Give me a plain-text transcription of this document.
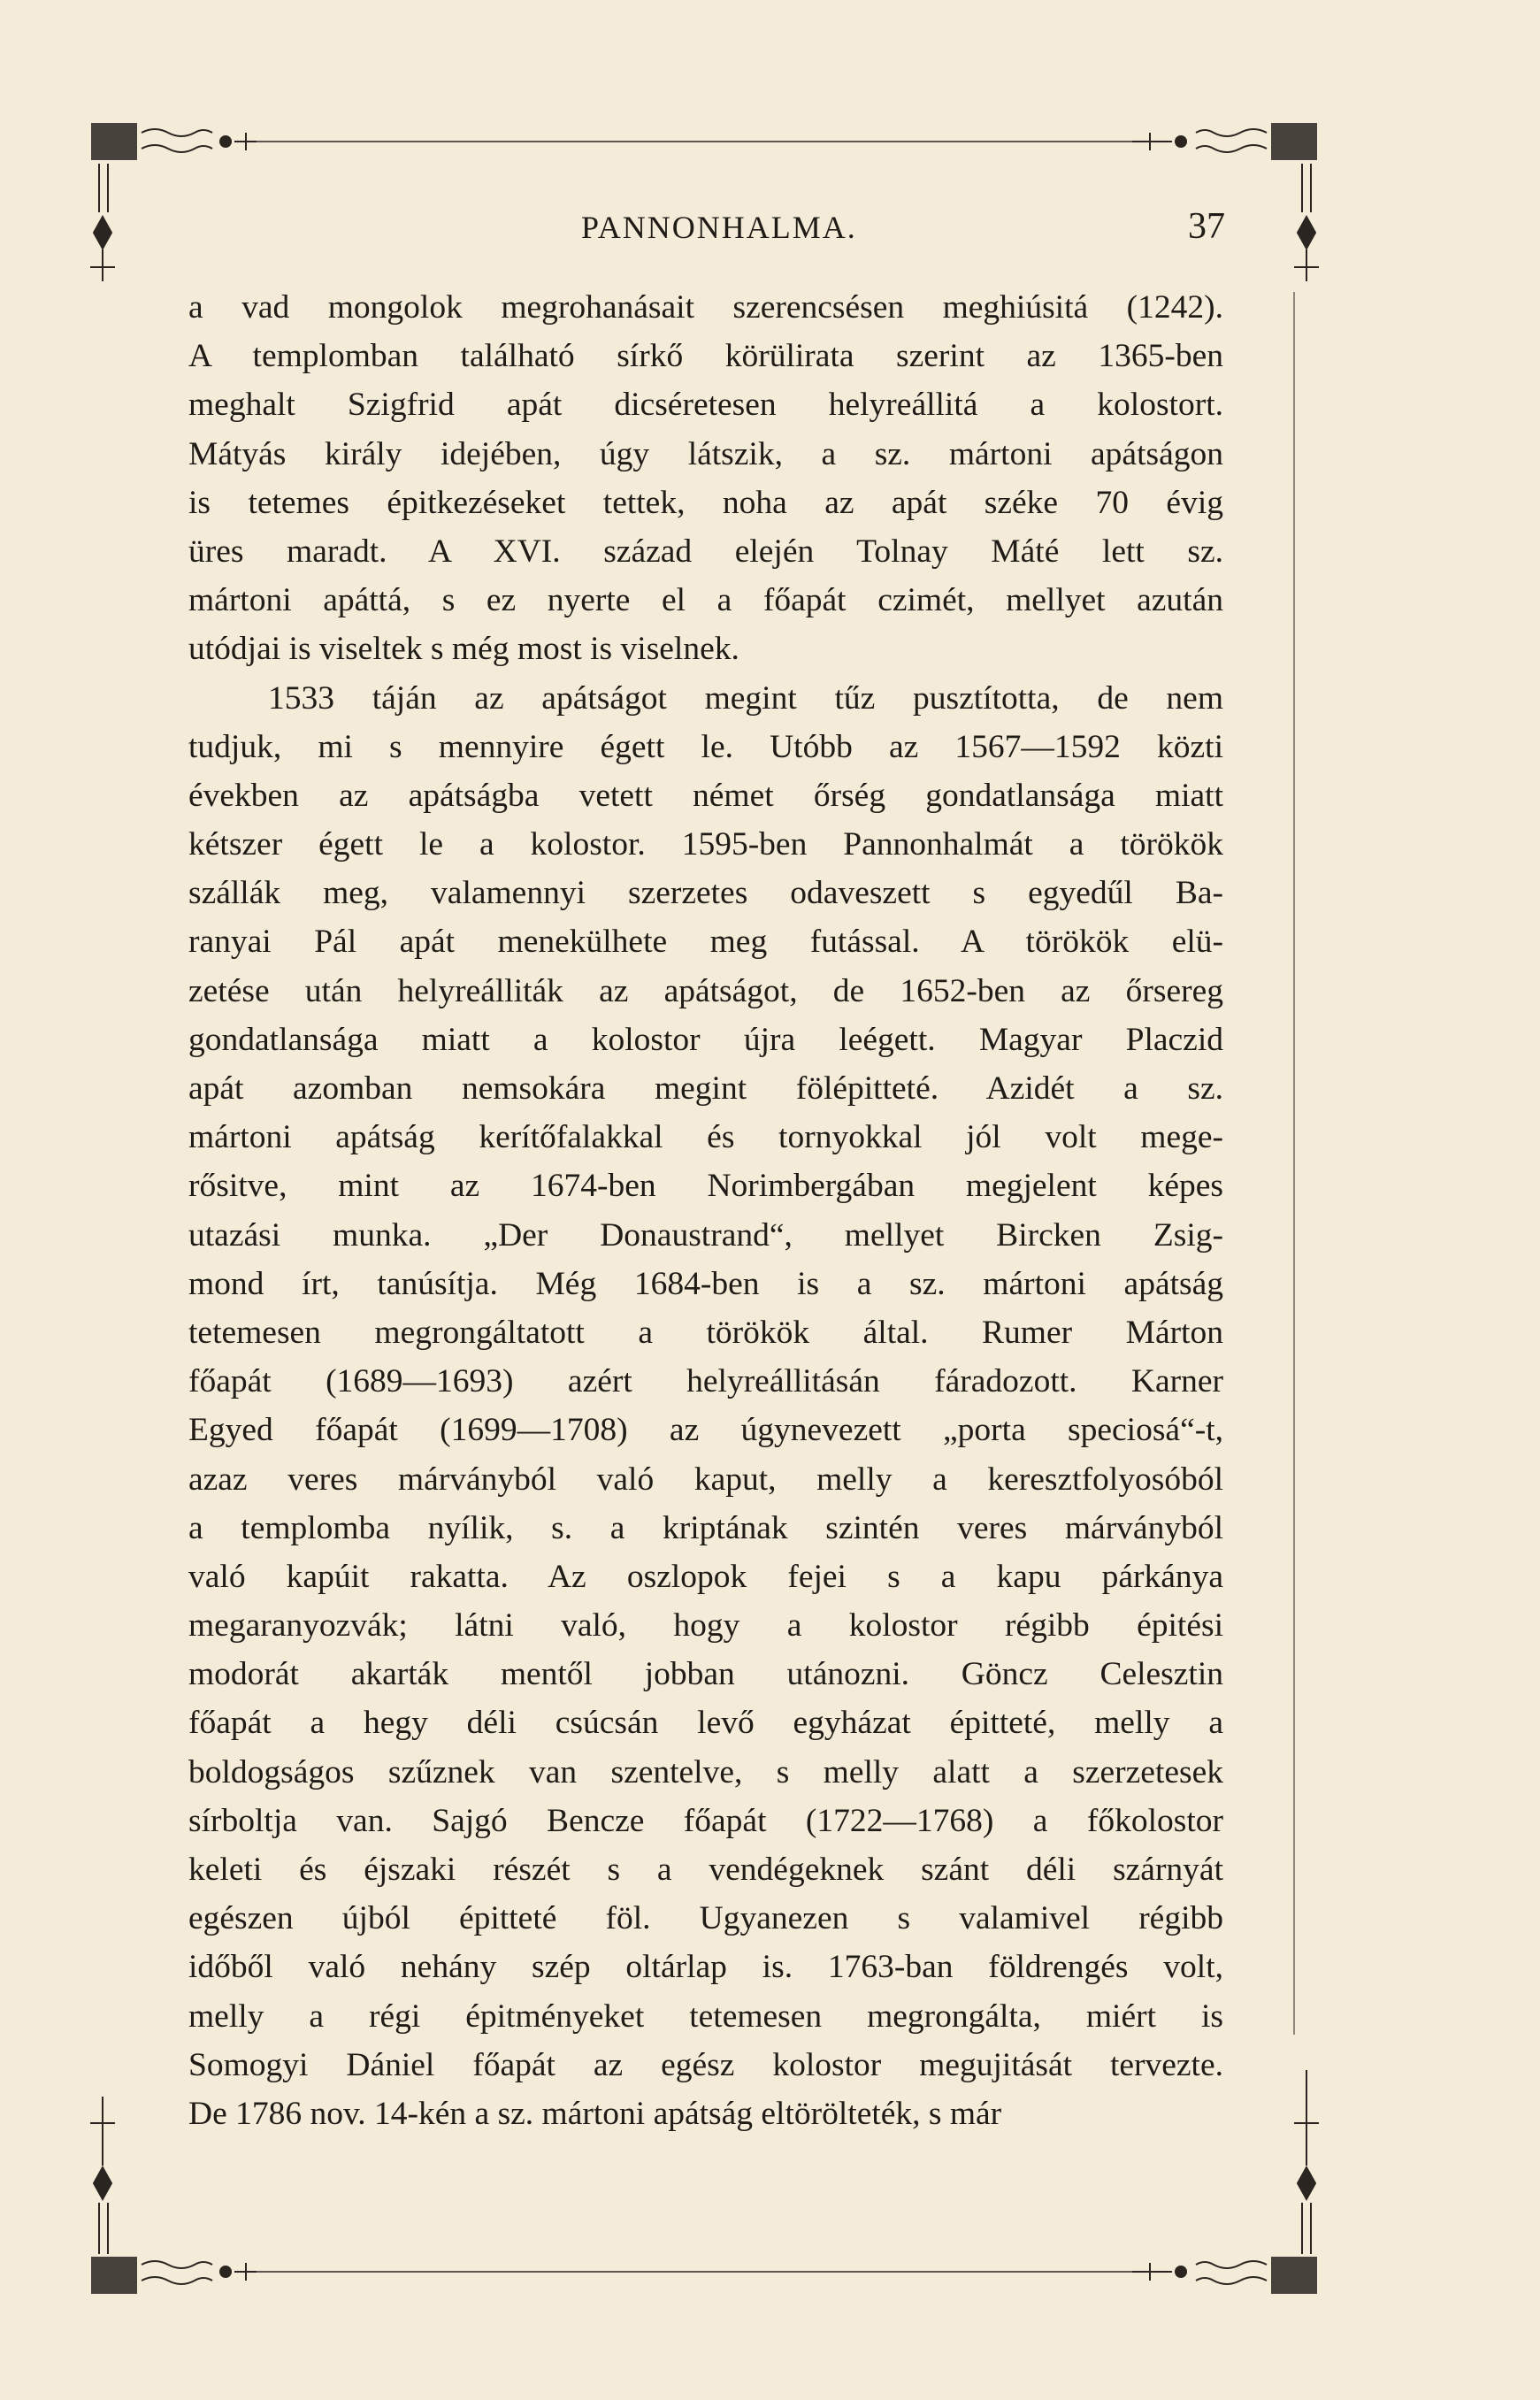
PANNONHALMA.	37
a vad mongolok megrohanásait szerencsésen meghiúsitá (1242).
A templomban található sírkő körülirata szerint az 1365-ben
meghalt Szigfrid apát dicséretesen helyreállitá a kolostort.
Mátyás király idejében, úgy látszik, a sz. mártoni apátságon
is tetemes épitkezéseket tettek, noha az apát széke 70 évig
üres maradt. A XVI. század elején Tolnay Máté lett sz.
mártoni apáttá, s ez nyerte el a főapát czimét, mellyet azután
utódjai is viseltek s még most is viselnek.
1533 táján az apátságot megint tűz pusztította, de nem
tudjuk, mi s mennyire égett le. Utóbb az 1567—1592 közti
években az apátságba vetett német őrség gondatlansága miatt
kétszer égett le a kolostor. 1595-ben Pannonhalmát a törökök
szállák meg, valamennyi szerzetes odaveszett s egyedűl Ba-
ranyai Pál apát menekülhete meg futással. A törökök elü-
zetése után helyreálliták az apátságot, de 1652-ben az őrsereg
gondatlansága miatt a kolostor újra leégett. Magyar Placzid
apát azomban nemsokára megint fölépitteté. Azidét a sz.
mártoni apátság kerítőfalakkal és tornyokkal jól volt mege-
rősitve, mint az 1674-ben Norimbergában megjelent képes
utazási munka. „Der Donaustrand“, mellyet Bircken Zsig-
mond írt, tanúsítja. Még 1684-ben is a sz. mártoni apátság
tetemesen megrongáltatott a törökök által. Rumer Márton
főapát (1689—1693) azért helyreállitásán fáradozott. Karner
Egyed főapát (1699—1708) az úgynevezett „porta speciosá“-t,
azaz veres márványból való kaput, melly a keresztfolyosóból
a templomba nyílik, s. a kriptának szintén veres márványból
való kapúit rakatta. Az oszlopok fejei s a kapu párkánya
megaranyozvák; látni való, hogy a kolostor régibb épitési
modorát akarták mentől jobban utánozni. Göncz Celesztin
főapát a hegy déli csúcsán levő egyházat épitteté, melly a
boldogságos szűznek van szentelve, s melly alatt a szerzetesek
sírboltja van. Sajgó Bencze főapát (1722—1768) a főkolostor
keleti és éjszaki részét s a vendégeknek szánt déli szárnyát
egészen újból épitteté föl. Ugyanezen s valamivel régibb
időből való nehány szép oltárlap is. 1763-ban földrengés volt,
melly a régi épitményeket tetemesen megrongálta, miért is
Somogyi Dániel főapát az egész kolostor megujitását tervezte.
De 1786 nov. 14-kén a sz. mártoni apátság eltörölteték, s már
